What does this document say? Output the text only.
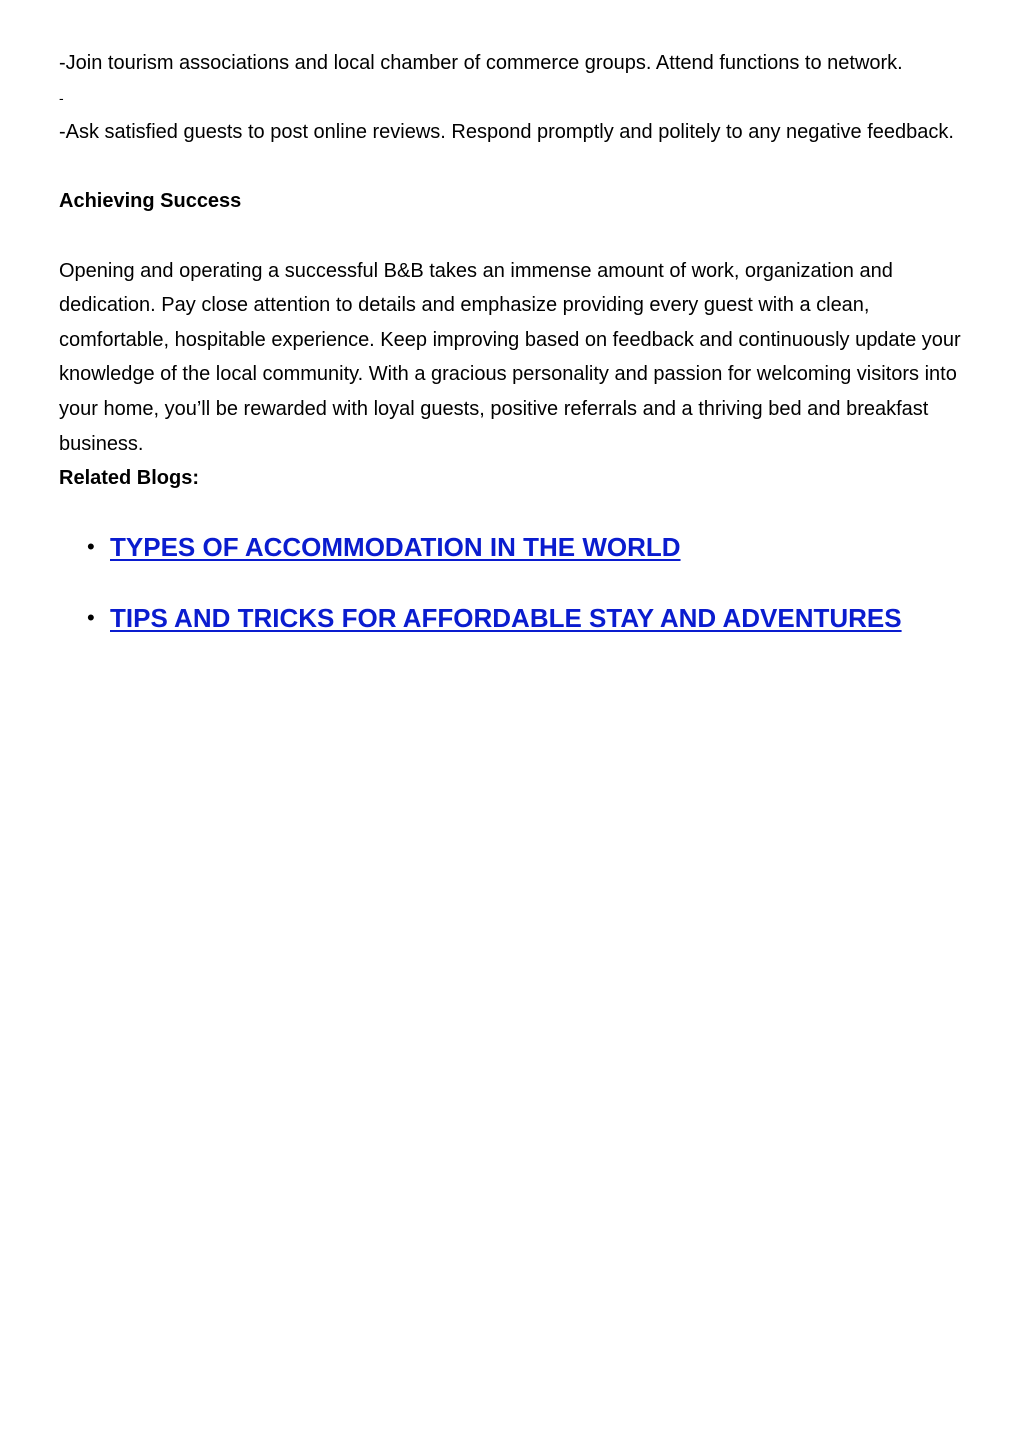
-Join tourism associations and local chamber of commerce groups. Attend functions to network.

-

-Ask satisfied guests to post online reviews. Respond promptly and politely to any negative feedback.

Achieving Success

Opening and operating a successful B&B takes an immense amount of work, organization and dedication. Pay close attention to details and emphasize providing every guest with a clean, comfortable, hospitable experience. Keep improving based on feedback and continuously update your knowledge of the local community. With a gracious personality and passion for welcoming visitors into your home, you’ll be rewarded with loyal guests, positive referrals and a thriving bed and breakfast business.

Related Blogs:

• TYPES OF ACCOMMODATION IN THE WORLD
• TIPS AND TRICKS FOR AFFORDABLE STAY AND ADVENTURES
